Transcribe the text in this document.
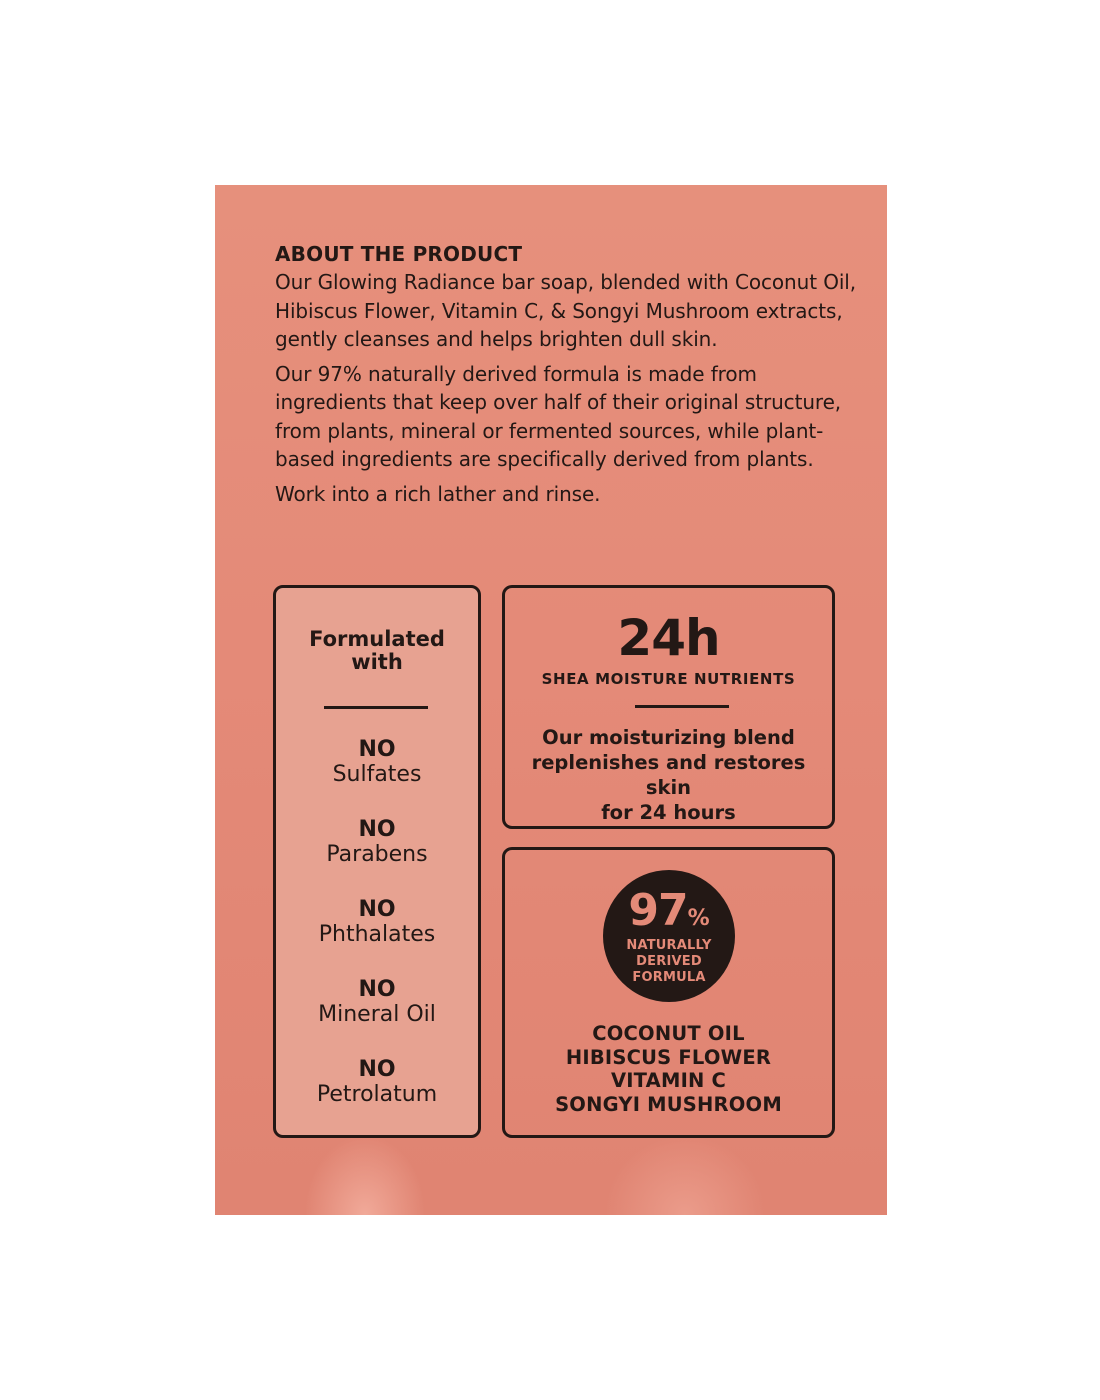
ABOUT THE PRODUCT

Our Glowing Radiance bar soap, blended with Coconut Oil, Hibiscus Flower, Vitamin C, & Songyi Mushroom extracts, gently cleanses and helps brighten dull skin.

Our 97% naturally derived formula is made from ingredients that keep over half of their original structure, from plants, mineral or fermented sources, while plant-based ingredients are specifically derived from plants.

Work into a rich lather and rinse.

Formulated
with
NO
Sulfates
NO
Parabens
NO
Phthalates
NO
Mineral Oil
NO
Petrolatum
24h
SHEA MOISTURE NUTRIENTS
Our moisturizing blend
replenishes and restores skin
for 24 hours
97%
NATURALLY
DERIVED
FORMULA
COCONUT OIL
HIBISCUS FLOWER
VITAMIN C
SONGYI MUSHROOM
